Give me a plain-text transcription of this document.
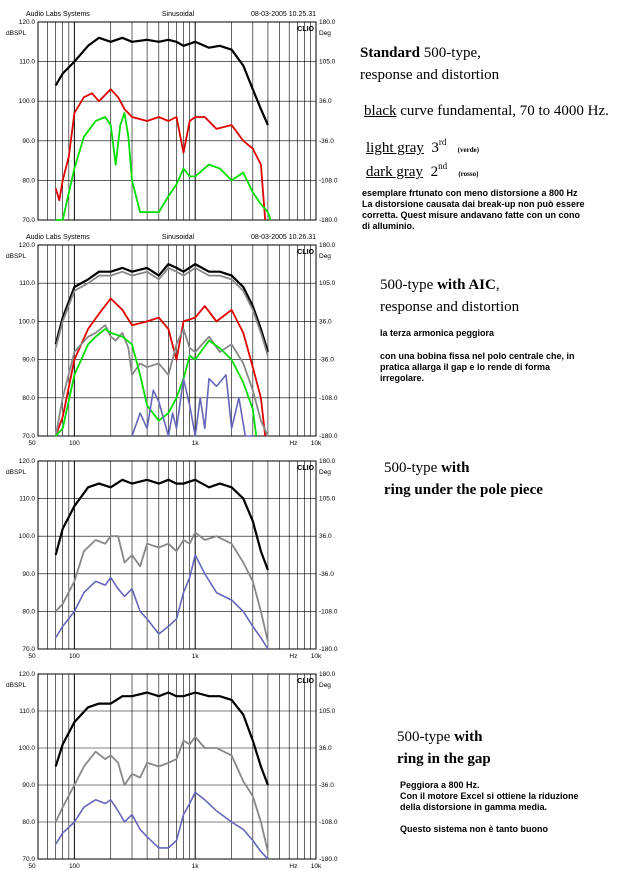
Audio Labs Systems	Sinusoidal	08-03-2005 10.25.31
120.0
110.0
100.0
90.0
80.0
70.0
180.0
105.0
36.0
-36.0
-108.0
-180.0
dBSPL	Deg
CLIO
Audio Labs Systems	Sinusoidal	08-03-2005 10.26.31
120.0
110.0
100.0
90.0
80.0
70.0
180.0
105.0
36.0
-36.0
-108.0
-180.0
dBSPL	Deg
CLIO
50	100	1k	Hz 10k
120.0
110.0
100.0
90.0
80.0
70.0
180.0
105.0
36.0
-36.0
-108.0
-180.0
dBSPL	Deg
CLIO
50	100	1k	Hz 10k
120.0
110.0
100.0
90.0
80.0
70.0
180.0
105.0
36.0
-36.0
-108.0
-180.0
dBSPL	Deg
CLIO
50	100	1k	Hz 10k
Standard 500-type,
response and distortion
black curve fundamental, 70 to 4000 Hz.
light gray 3rd   (verde)
dark gray 2nd   (rosso)
esemplare frtunato con meno distorsione a 800 Hz
La distorsione causata dai break-up non può essere
corretta. Quest misure andavano fatte con un cono
di alluminio.
500-type with AIC,
response and distortion
la terza armonica peggiora
con una bobina fissa nel polo centrale che, in
pratica allarga il gap e lo rende di forma
irregolare.
500-type with
ring under the pole piece
500-type with
ring in the gap
Peggiora a 800 Hz.
Con il motore Excel si ottiene la riduzione
della distorsione in gamma media.
Questo sistema non è tanto buono
